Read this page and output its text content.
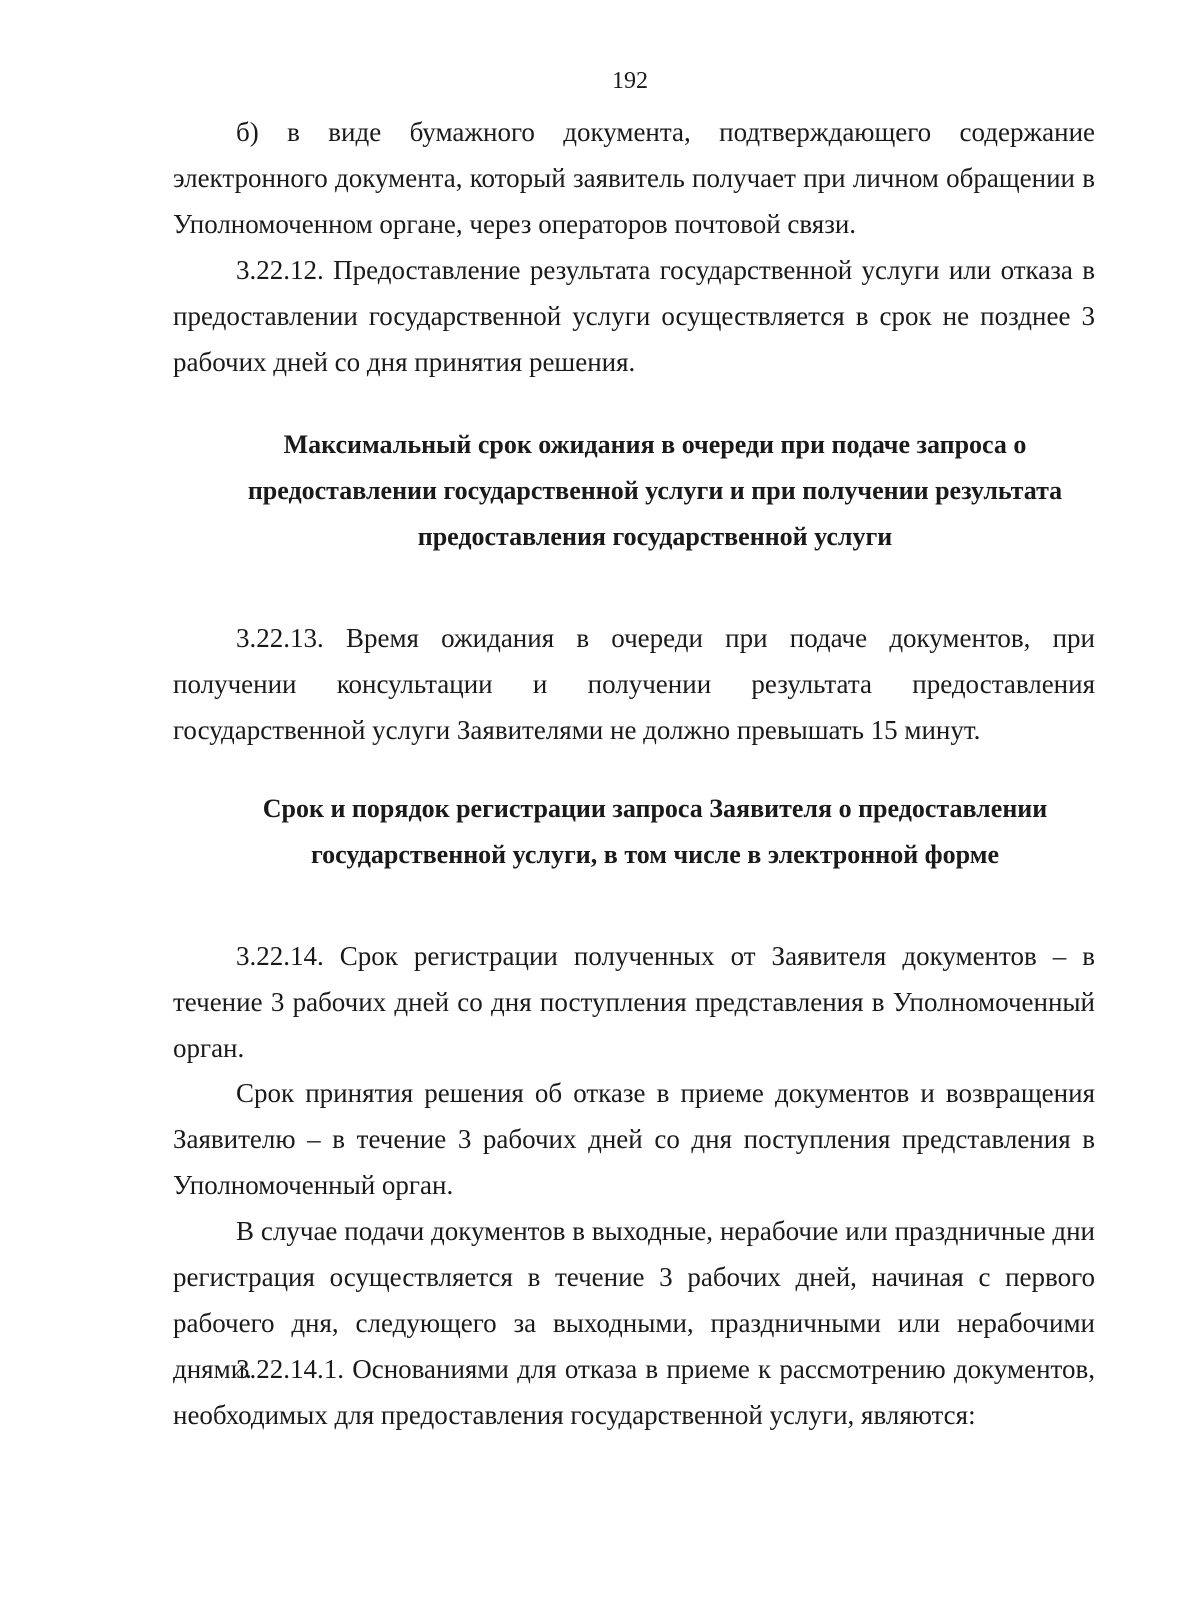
192

б) в виде бумажного документа, подтверждающего содержание электронного документа, который заявитель получает при личном обращении в Уполномоченном органе, через операторов почтовой связи.

3.22.12. Предоставление результата государственной услуги или отказа в предоставлении государственной услуги осуществляется в срок не позднее 3 рабочих дней со дня принятия решения.

Максимальный срок ожидания в очереди при подаче запроса о предоставлении государственной услуги и при получении результата предоставления государственной услуги

3.22.13. Время ожидания в очереди при подаче документов, при получении консультации и получении результата предоставления государственной услуги Заявителями не должно превышать 15 минут.

Срок и порядок регистрации запроса Заявителя о предоставлении государственной услуги, в том числе в электронной форме

3.22.14. Срок регистрации полученных от Заявителя документов – в течение 3 рабочих дней со дня поступления представления в Уполномоченный орган.

Срок принятия решения об отказе в приеме документов и возвращения Заявителю – в течение 3 рабочих дней со дня поступления представления в Уполномоченный орган.

В случае подачи документов в выходные, нерабочие или праздничные дни регистрация осуществляется в течение 3 рабочих дней, начиная с первого рабочего дня, следующего за выходными, праздничными или нерабочими днями.

3.22.14.1. Основаниями для отказа в приеме к рассмотрению документов, необходимых для предоставления государственной услуги, являются:
